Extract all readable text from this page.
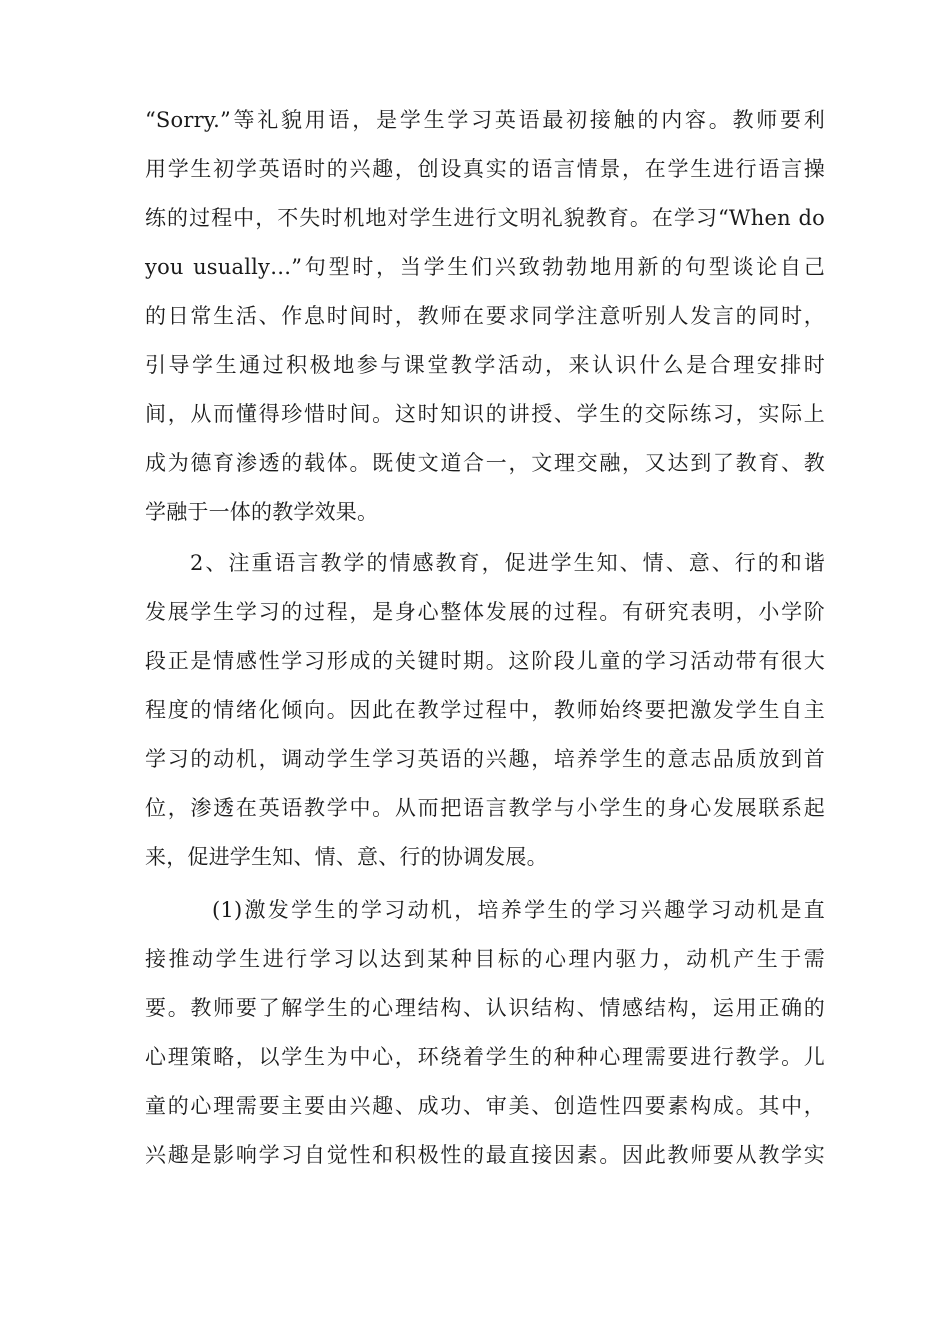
“Sorry.”等礼貌用语，是学生学习英语最初接触的内容。教师要利
用学生初学英语时的兴趣，创设真实的语言情景，在学生进行语言操
练的过程中，不失时机地对学生进行文明礼貌教育。在学习“When do
you usually…”句型时，当学生们兴致勃勃地用新的句型谈论自己
的日常生活、作息时间时，教师在要求同学注意听别人发言的同时，
引导学生通过积极地参与课堂教学活动，来认识什么是合理安排时
间，从而懂得珍惜时间。这时知识的讲授、学生的交际练习，实际上
成为德育渗透的载体。既使文道合一，文理交融，又达到了教育、教
学融于一体的教学效果。
2、注重语言教学的情感教育，促进学生知、情、意、行的和谐
发展学生学习的过程，是身心整体发展的过程。有研究表明，小学阶
段正是情感性学习形成的关键时期。这阶段儿童的学习活动带有很大
程度的情绪化倾向。因此在教学过程中，教师始终要把激发学生自主
学习的动机，调动学生学习英语的兴趣，培养学生的意志品质放到首
位，渗透在英语教学中。从而把语言教学与小学生的身心发展联系起
来，促进学生知、情、意、行的协调发展。
(1)激发学生的学习动机，培养学生的学习兴趣学习动机是直
接推动学生进行学习以达到某种目标的心理内驱力，动机产生于需
要。教师要了解学生的心理结构、认识结构、情感结构，运用正确的
心理策略，以学生为中心，环绕着学生的种种心理需要进行教学。儿
童的心理需要主要由兴趣、成功、审美、创造性四要素构成。其中，
兴趣是影响学习自觉性和积极性的最直接因素。因此教师要从教学实
